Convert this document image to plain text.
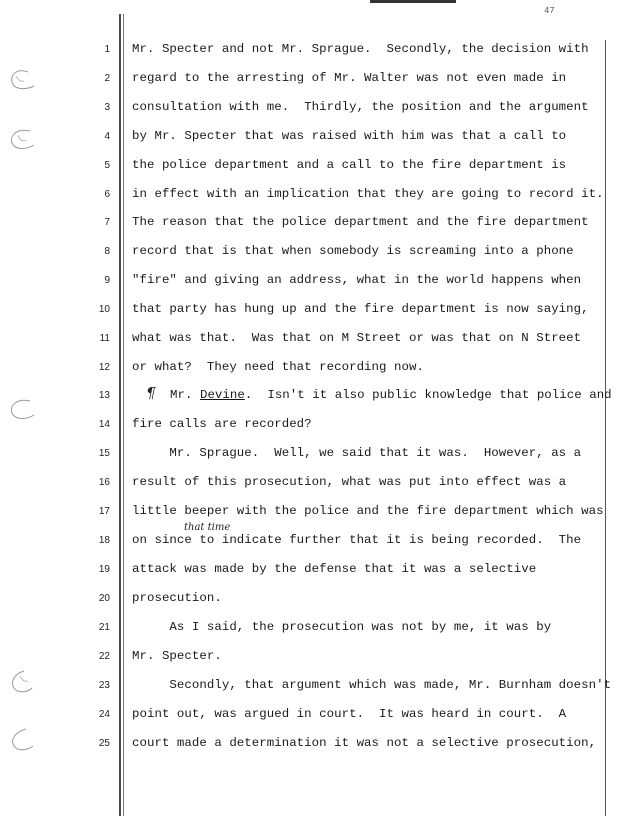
47
1
2
3
4
5
6
7
8
9
10
11
12
13
14
15
16
17
18
19
20
21
22
23
24
25
Mr. Specter and not Mr. Sprague.  Secondly, the decision with
regard to the arresting of Mr. Walter was not even made in
consultation with me.  Thirdly, the position and the argument
by Mr. Specter that was raised with him was that a call to
the police department and a call to the fire department is
in effect with an implication that they are going to record it.
The reason that the police department and the fire department
record that is that when somebody is screaming into a phone
"fire" and giving an address, what in the world happens when
that party has hung up and the fire department is now saying,
what was that.  Was that on M Street or was that on N Street
or what?  They need that recording now.
¶ Mr. Devine.  Isn't it also public knowledge that police and
fire calls are recorded?
Mr. Sprague.  Well, we said that it was.  However, as a
result of this prosecution, what was put into effect was a
little beeper with the police and the fire department which was
that time
on since to indicate further that it is being recorded.  The
attack was made by the defense that it was a selective
prosecution.
As I said, the prosecution was not by me, it was by
Mr. Specter.
Secondly, that argument which was made, Mr. Burnham doesn't
point out, was argued in court.  It was heard in court.  A
court made a determination it was not a selective prosecution,
